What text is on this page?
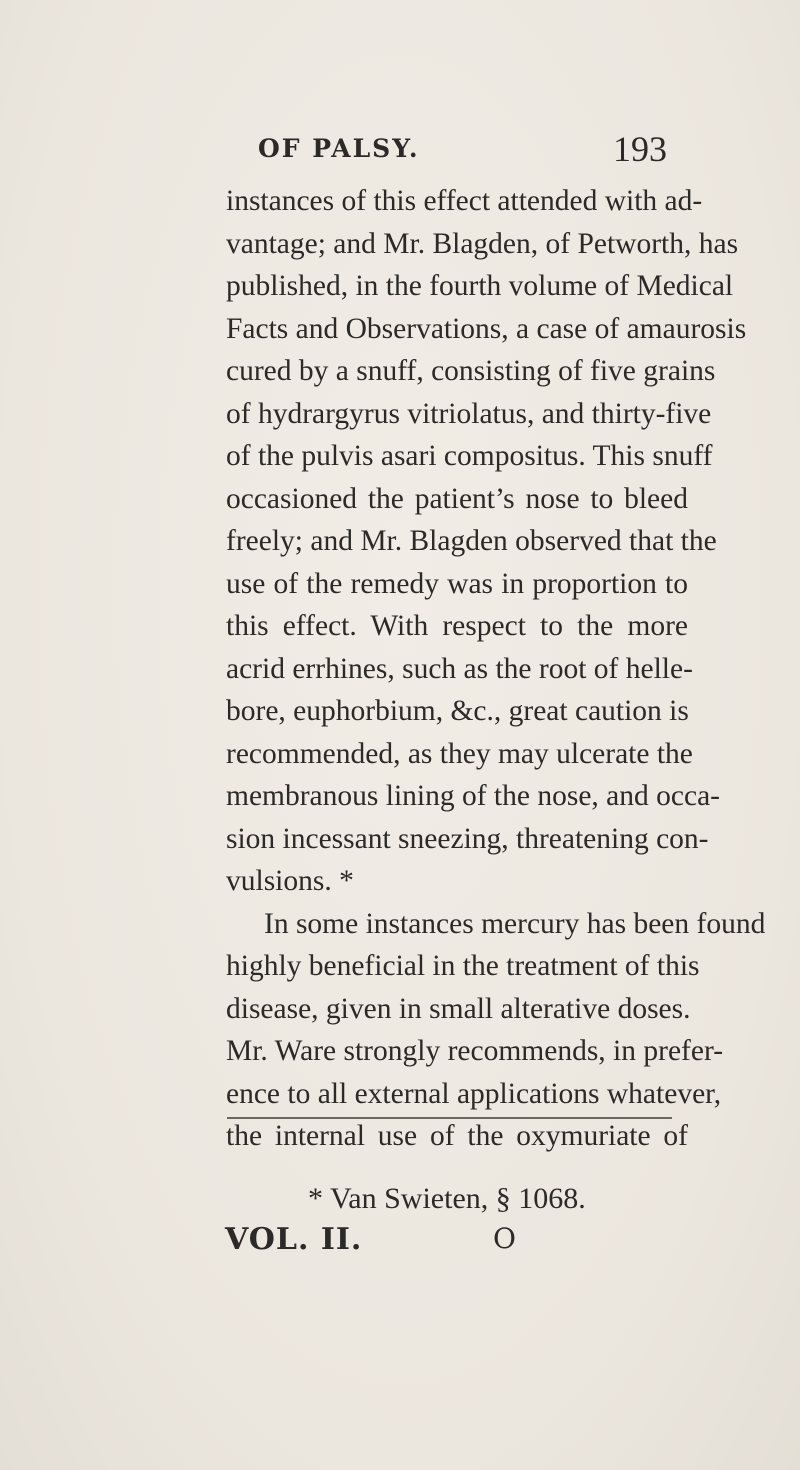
OF PALSY.	193
instances of this effect attended with ad-
vantage; and Mr. Blagden, of Petworth, has
published, in the fourth volume of Medical
Facts and Observations, a case of amaurosis
cured by a snuff, consisting of five grains
of hydrargyrus vitriolatus, and thirty-five
of the pulvis asari compositus. This snuff
occasioned the patient’s nose to bleed
freely; and Mr. Blagden observed that the
use of the remedy was in proportion to
this effect. With respect to the more
acrid errhines, such as the root of helle-
bore, euphorbium, &c., great caution is
recommended, as they may ulcerate the
membranous lining of the nose, and occa-
sion incessant sneezing, threatening con-
vulsions. *
In some instances mercury has been found
highly beneficial in the treatment of this
disease, given in small alterative doses.
Mr. Ware strongly recommends, in prefer-
ence to all external applications whatever,
the internal use of the oxymuriate of
* Van Swieten, § 1068.
VOL. II.	O
